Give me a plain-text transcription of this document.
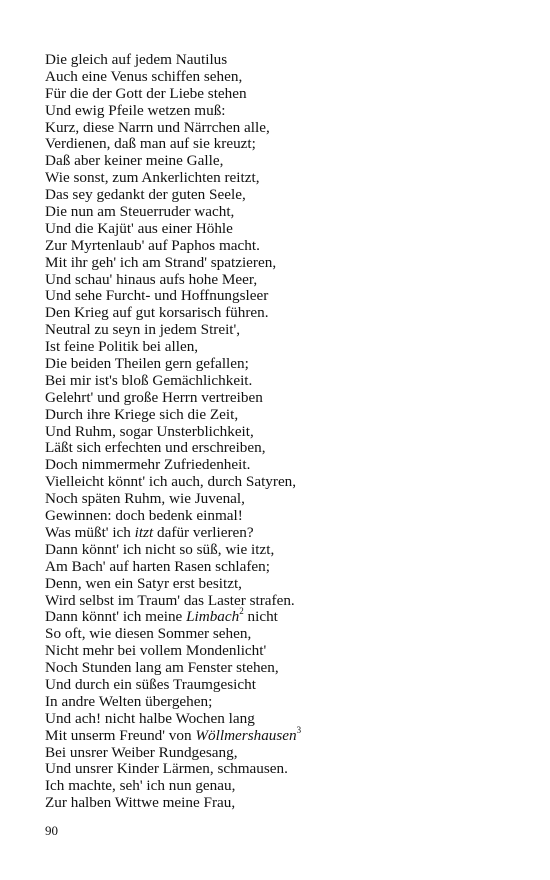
Die gleich auf jedem Nautilus
Auch eine Venus schiffen sehen,
Für die der Gott der Liebe stehen
Und ewig Pfeile wetzen muß:
Kurz, diese Narrn und Närrchen alle,
Verdienen, daß man auf sie kreuzt;
Daß aber keiner meine Galle,
Wie sonst, zum Ankerlichten reitzt,
Das sey gedankt der guten Seele,
Die nun am Steuerruder wacht,
Und die Kajüt' aus einer Höhle
Zur Myrtenlaub' auf Paphos macht.
Mit ihr geh' ich am Strand' spatzieren,
Und schau' hinaus aufs hohe Meer,
Und sehe Furcht- und Hoffnungsleer
Den Krieg auf gut korsarisch führen.
Neutral zu seyn in jedem Streit',
Ist feine Politik bei allen,
Die beiden Theilen gern gefallen;
Bei mir ist's bloß Gemächlichkeit.
Gelehrt' und große Herrn vertreiben
Durch ihre Kriege sich die Zeit,
Und Ruhm, sogar Unsterblichkeit,
Läßt sich erfechten und erschreiben,
Doch nimmermehr Zufriedenheit.
Vielleicht könnt' ich auch, durch Satyren,
Noch späten Ruhm, wie Juvenal,
Gewinnen: doch bedenk einmal!
Was müßt' ich itzt dafür verlieren?
Dann könnt' ich nicht so süß, wie itzt,
Am Bach' auf harten Rasen schlafen;
Denn, wen ein Satyr erst besitzt,
Wird selbst im Traum' das Laster strafen.
Dann könnt' ich meine Limbach$^2$ nicht
So oft, wie diesen Sommer sehen,
Nicht mehr bei vollem Mondenlicht'
Noch Stunden lang am Fenster stehen,
Und durch ein süßes Traumgesicht
In andre Welten übergehen;
Und ach! nicht halbe Wochen lang
Mit unserm Freund' von Wöllmershausen$^3$
Bei unsrer Weiber Rundgesang,
Und unsrer Kinder Lärmen, schmausen.
Ich machte, seh' ich nun genau,
Zur halben Wittwe meine Frau,
90
